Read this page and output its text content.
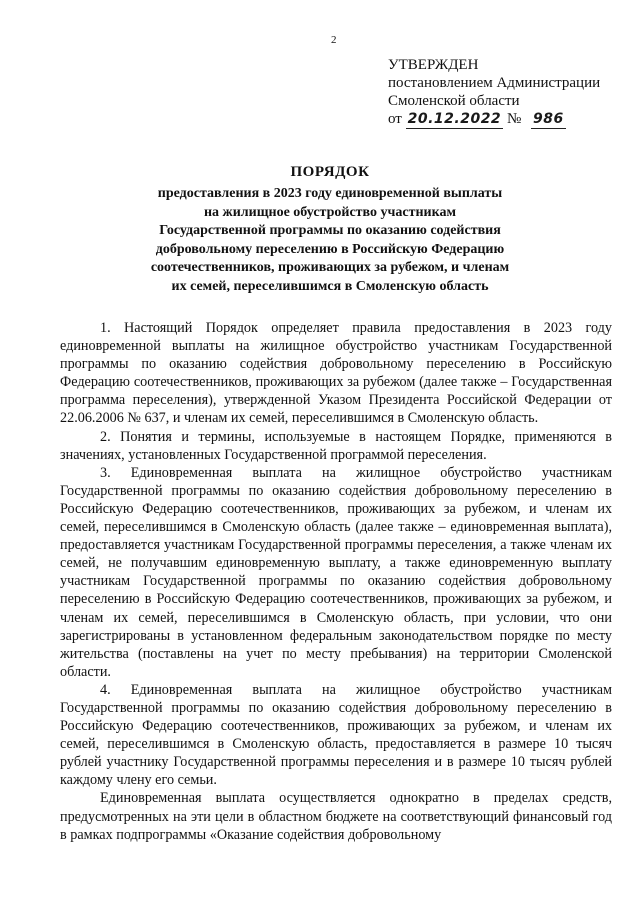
2
УТВЕРЖДЕН
постановлением Администрации
Смоленской области
от 20.12.2022 № 986
ПОРЯДОК
предоставления в 2023 году единовременной выплаты на жилищное обустройство участникам Государственной программы по оказанию содействия добровольному переселению в Российскую Федерацию соотечественников, проживающих за рубежом, и членам их семей, переселившимся в Смоленскую область

1. Настоящий Порядок определяет правила предоставления в 2023 году единовременной выплаты на жилищное обустройство участникам Государственной программы по оказанию содействия добровольному переселению в Российскую Федерацию соотечественников, проживающих за рубежом (далее также – Государственная программа переселения), утвержденной Указом Президента Российской Федерации от 22.06.2006 № 637, и членам их семей, переселившимся в Смоленскую область.

2. Понятия и термины, используемые в настоящем Порядке, применяются в значениях, установленных Государственной программой переселения.

3. Единовременная выплата на жилищное обустройство участникам Государственной программы по оказанию содействия добровольному переселению в Российскую Федерацию соотечественников, проживающих за рубежом, и членам их семей, переселившимся в Смоленскую область (далее также – единовременная выплата), предоставляется участникам Государственной программы переселения, а также членам их семей, не получавшим единовременную выплату, а также единовременную выплату участникам Государственной программы по оказанию содействия добровольному переселению в Российскую Федерацию соотечественников, проживающих за рубежом, и членам их семей, переселившимся в Смоленскую область, при условии, что они зарегистрированы в установленном федеральным законодательством порядке по месту жительства (поставлены на учет по месту пребывания) на территории Смоленской области.

4. Единовременная выплата на жилищное обустройство участникам Государственной программы по оказанию содействия добровольному переселению в Российскую Федерацию соотечественников, проживающих за рубежом, и членам их семей, переселившимся в Смоленскую область, предоставляется в размере 10 тысяч рублей участнику Государственной программы переселения и в размере 10 тысяч рублей каждому члену его семьи.

Единовременная выплата осуществляется однократно в пределах средств, предусмотренных на эти цели в областном бюджете на соответствующий финансовый год в рамках подпрограммы «Оказание содействия добровольному
